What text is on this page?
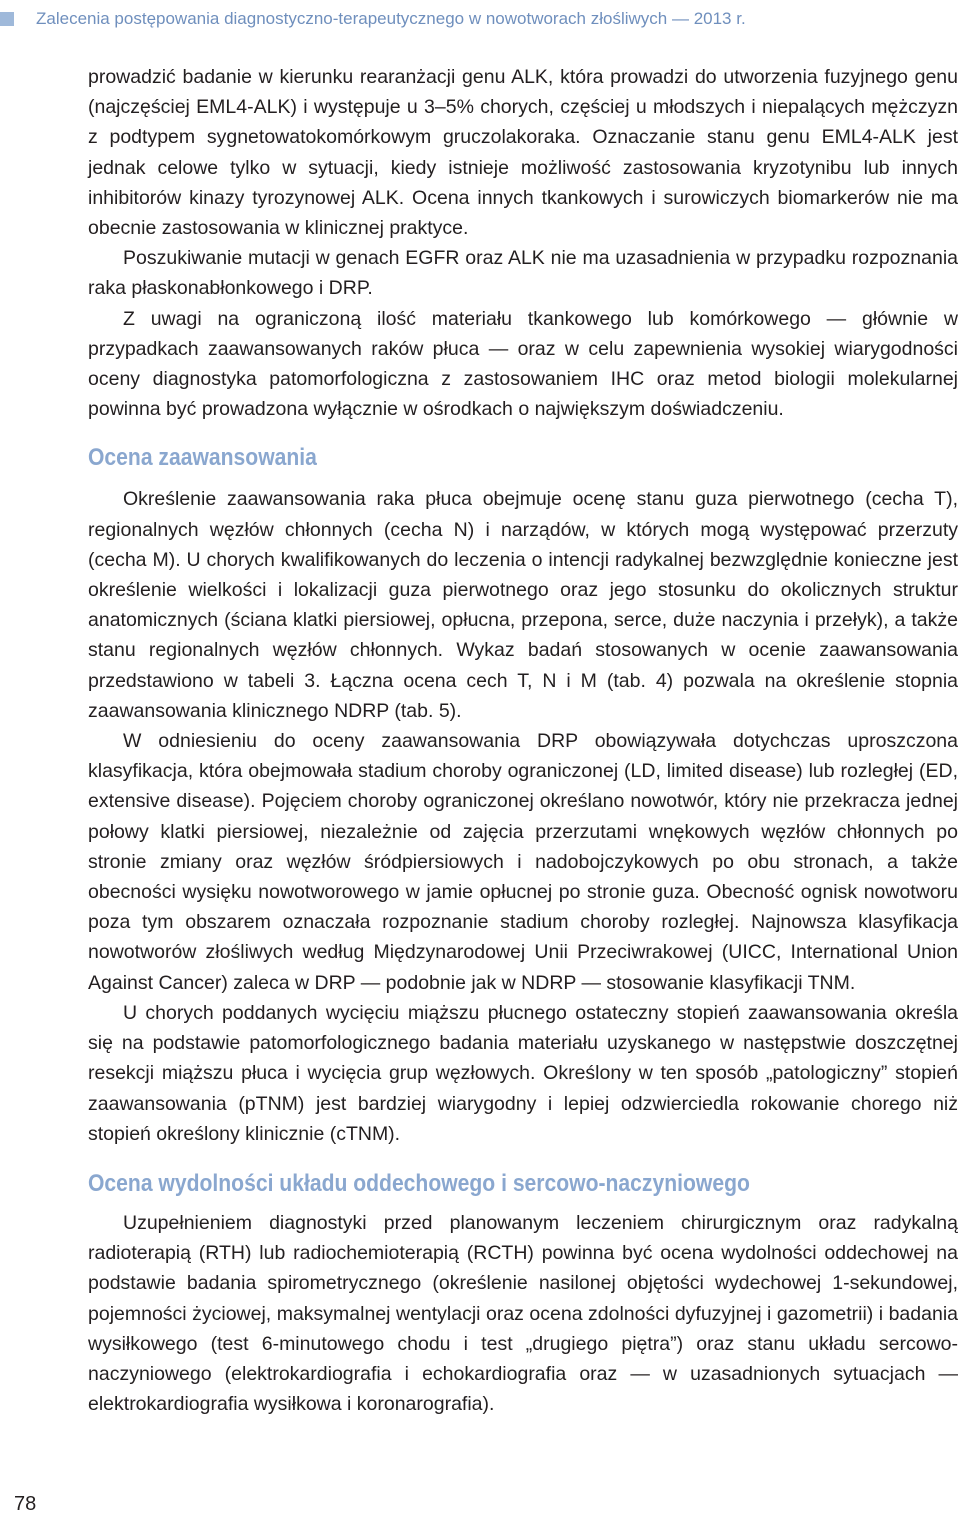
Zalecenia postępowania diagnostyczno-terapeutycznego w nowotworach złośliwych — 2013 r.

prowadzić badanie w kierunku rearanżacji genu ALK, która prowadzi do utworzenia fuzyjnego genu (najczęściej EML4-ALK) i występuje u 3–5% chorych, częściej u młodszych i niepalących mężczyzn z podtypem sygnetowatokomórkowym gruczolakoraka. Oznaczanie stanu genu EML4-ALK jest jednak celowe tylko w sytuacji, kiedy istnieje możliwość zastosowania kryzotynibu lub innych inhibitorów kinazy tyrozynowej ALK. Ocena innych tkankowych i surowiczych biomarkerów nie ma obecnie zastosowania w klinicznej praktyce.

Poszukiwanie mutacji w genach EGFR oraz ALK nie ma uzasadnienia w przypadku rozpoznania raka płaskonabłonkowego i DRP.

Z uwagi na ograniczoną ilość materiału tkankowego lub komórkowego — głównie w przypadkach zaawansowanych raków płuca — oraz w celu zapewnienia wysokiej wiarygodności oceny diagnostyka patomorfologiczna z zastosowaniem IHC oraz metod biologii molekularnej powinna być prowadzona wyłącznie w ośrodkach o największym doświadczeniu.

Ocena zaawansowania

Określenie zaawansowania raka płuca obejmuje ocenę stanu guza pierwotnego (cecha T), regionalnych węzłów chłonnych (cecha N) i narządów, w których mogą występować przerzuty (cecha M). U chorych kwalifikowanych do leczenia o intencji radykalnej bezwzględnie konieczne jest określenie wielkości i lokalizacji guza pierwotnego oraz jego stosunku do okolicznych struktur anatomicznych (ściana klatki piersiowej, opłucna, przepona, serce, duże naczynia i przełyk), a także stanu regionalnych węzłów chłonnych. Wykaz badań stosowanych w ocenie zaawansowania przedstawiono w tabeli 3. Łączna ocena cech T, N i M (tab. 4) pozwala na określenie stopnia zaawansowania klinicznego NDRP (tab. 5).

W odniesieniu do oceny zaawansowania DRP obowiązywała dotychczas uproszczona klasyfikacja, która obejmowała stadium choroby ograniczonej (LD, limited disease) lub rozległej (ED, extensive disease). Pojęciem choroby ograniczonej określano nowotwór, który nie przekracza jednej połowy klatki piersiowej, niezależnie od zajęcia przerzutami wnękowych węzłów chłonnych po stronie zmiany oraz węzłów śródpiersiowych i nadobojczykowych po obu stronach, a także obecności wysięku nowotworowego w jamie opłucnej po stronie guza. Obecność ognisk nowotworu poza tym obszarem oznaczała rozpoznanie stadium choroby rozległej. Najnowsza klasyfikacja nowotworów złośliwych według Międzynarodowej Unii Przeciwrakowej (UICC, International Union Against Cancer) zaleca w DRP — podobnie jak w NDRP — stosowanie klasyfikacji TNM.

U chorych poddanych wycięciu miąższu płucnego ostateczny stopień zaawansowania określa się na podstawie patomorfologicznego badania materiału uzyskanego w następstwie doszczętnej resekcji miąższu płuca i wycięcia grup węzłowych. Określony w ten sposób „patologiczny” stopień zaawansowania (pTNM) jest bardziej wiarygodny i lepiej odzwierciedla rokowanie chorego niż stopień określony klinicznie (cTNM).

Ocena wydolności układu oddechowego i sercowo-naczyniowego

Uzupełnieniem diagnostyki przed planowanym leczeniem chirurgicznym oraz radykalną radioterapią (RTH) lub radiochemioterapią (RCTH) powinna być ocena wydolności oddechowej na podstawie badania spirometrycznego (określenie nasilonej objętości wydechowej 1-sekundowej, pojemności życiowej, maksymalnej wentylacji oraz ocena zdolności dyfuzyjnej i gazometrii) i badania wysiłkowego (test 6-minutowego chodu i test „drugiego piętra”) oraz stanu układu sercowo-naczyniowego (elektrokardiografia i echokardiografia oraz — w uzasadnionych sytuacjach — elektrokardiografia wysiłkowa i koronarografia).

78
